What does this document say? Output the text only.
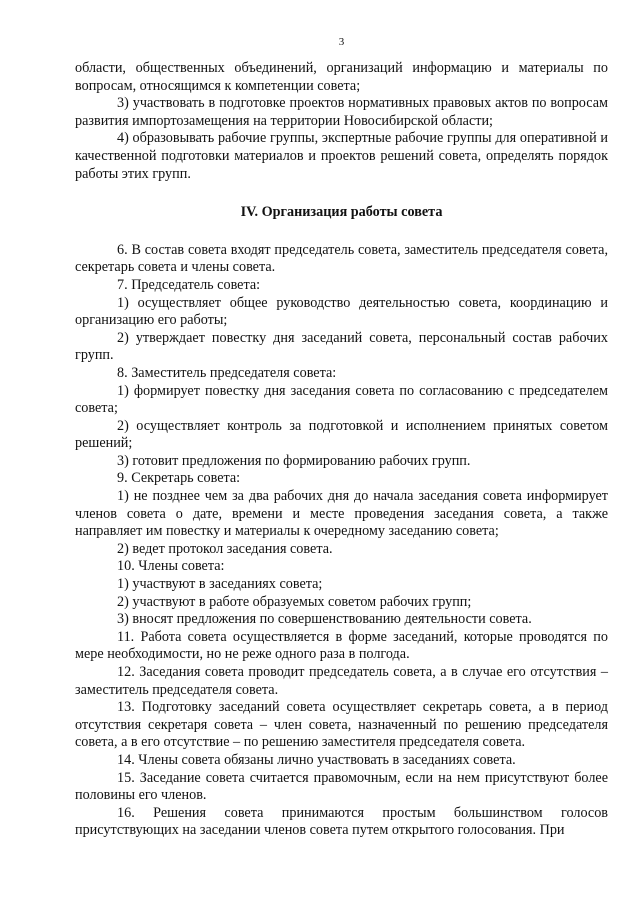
3

области, общественных объединений, организаций информацию и материалы по вопросам, относящимся к компетенции совета;

3) участвовать в подготовке проектов нормативных правовых актов по вопросам развития импортозамещения на территории Новосибирской области;

4) образовывать рабочие группы, экспертные рабочие группы для оперативной и качественной подготовки материалов и проектов решений совета, определять порядок работы этих групп.

IV. Организация работы совета

6. В состав совета входят председатель совета, заместитель председателя совета, секретарь совета и члены совета.

7. Председатель совета:

1) осуществляет общее руководство деятельностью совета, координацию и организацию его работы;

2) утверждает повестку дня заседаний совета, персональный состав рабочих групп.

8. Заместитель председателя совета:

1) формирует повестку дня заседания совета по согласованию с председателем совета;

2) осуществляет контроль за подготовкой и исполнением принятых советом решений;

3) готовит предложения по формированию рабочих групп.

9. Секретарь совета:

1) не позднее чем за два рабочих дня до начала заседания совета информирует членов совета о дате, времени и месте проведения заседания совета, а также направляет им повестку и материалы к очередному заседанию совета;

2) ведет протокол заседания совета.

10. Члены совета:

1) участвуют в заседаниях совета;

2) участвуют в работе образуемых советом рабочих групп;

3) вносят предложения по совершенствованию деятельности совета.

11. Работа совета осуществляется в форме заседаний, которые проводятся по мере необходимости, но не реже одного раза в полгода.

12. Заседания совета проводит председатель совета, а в случае его отсутствия – заместитель председателя совета.

13. Подготовку заседаний совета осуществляет секретарь совета, а в период отсутствия секретаря совета – член совета, назначенный по решению председателя совета, а в его отсутствие – по решению заместителя председателя совета.

14. Члены совета обязаны лично участвовать в заседаниях совета.

15. Заседание совета считается правомочным, если на нем присутствуют более половины его членов.

16. Решения совета принимаются простым большинством голосов присутствующих на заседании членов совета путем открытого голосования. При
